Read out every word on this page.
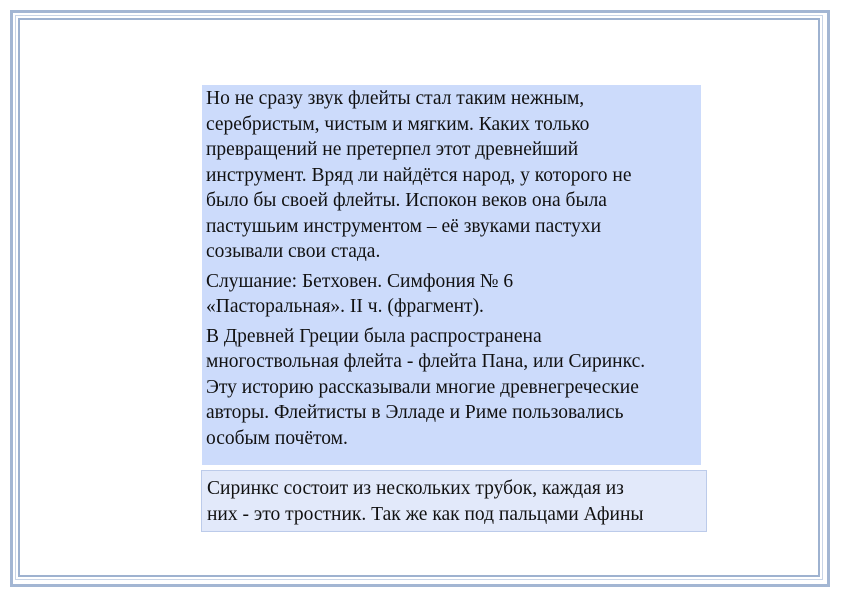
Но не сразу звук флейты стал таким нежным,
серебристым, чистым и мягким. Каких только
превращений не претерпел этот древнейший
инструмент. Вряд ли найдётся народ, у которого не
было бы своей флейты. Испокон веков она была
пастушьим инструментом – её звуками пастухи
созывали свои стада.

Слушание: Бетховен. Симфония № 6
«Пасторальная». II ч. (фрагмент).

В Древней Греции была распространена
многоствольная флейта - флейта Пана, или Сиринкс.
Эту историю рассказывали многие древнегреческие
авторы. Флейтисты в Элладе и Риме пользовались
особым почётом.

Сиринкс состоит из нескольких трубок, каждая из
них - это тростник. Так же как под пальцами Афины
